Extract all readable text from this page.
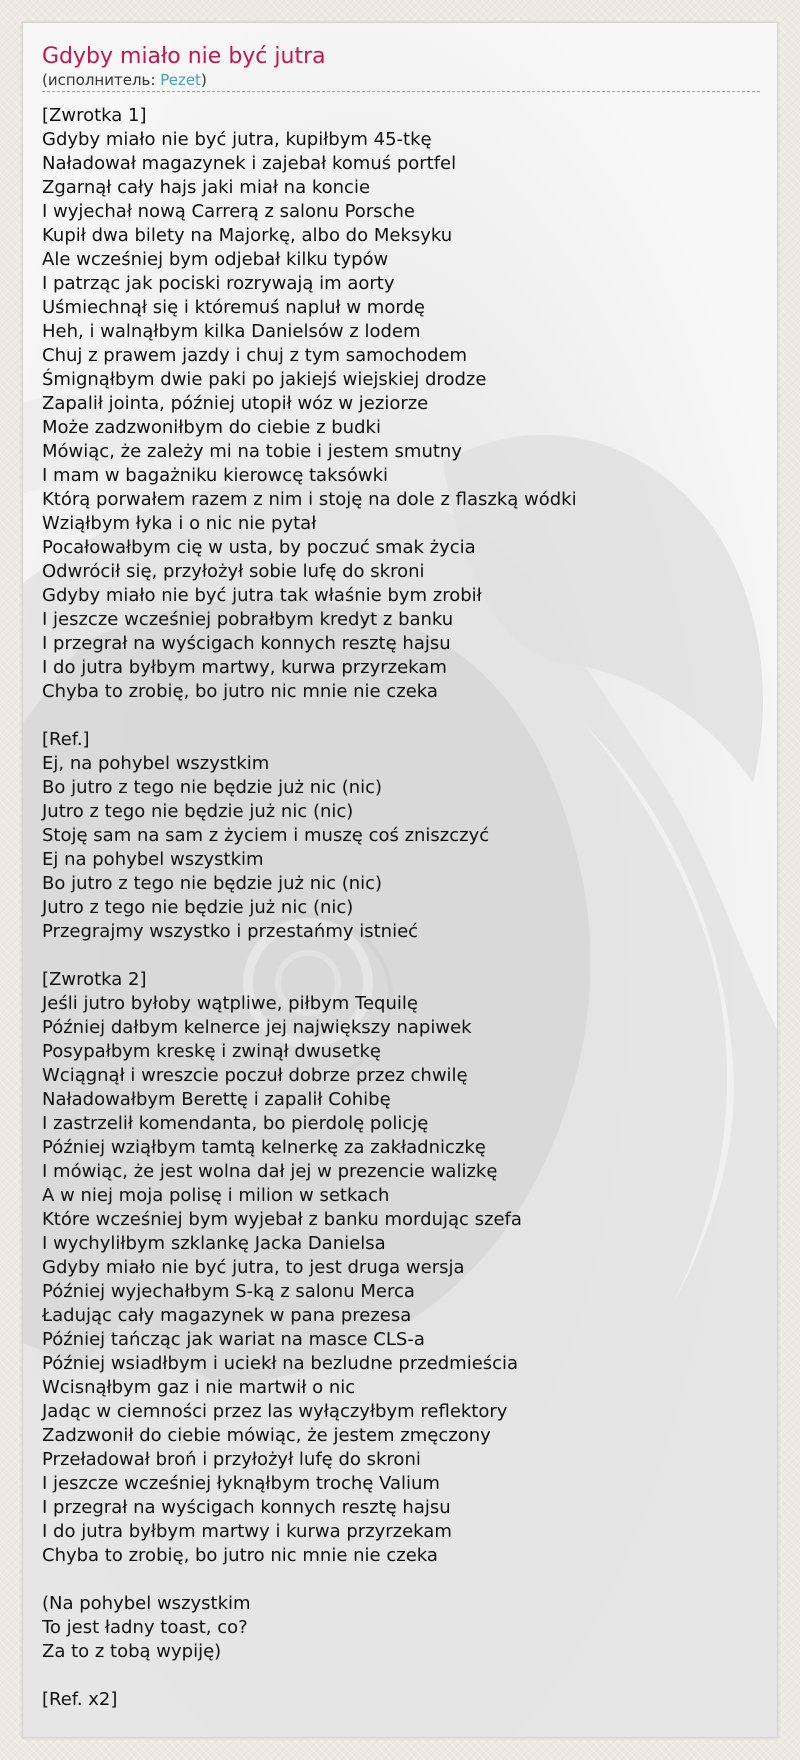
Gdyby miało nie być jutra
(исполнитель: Pezet)
[Zwrotka 1]
Gdyby miało nie być jutra, kupiłbym 45-tkę
Naładował magazynek i zajebał komuś portfel
Zgarnął cały hajs jaki miał na koncie
I wyjechał nową Carrerą z salonu Porsche
Kupił dwa bilety na Majorkę, albo do Meksyku
Ale wcześniej bym odjebał kilku typów
I patrząc jak pociski rozrywają im aorty
Uśmiechnął się i któremuś napluł w mordę
Heh, i walnąłbym kilka Danielsów z lodem
Chuj z prawem jazdy i chuj z tym samochodem
Śmignąłbym dwie paki po jakiejś wiejskiej drodze
Zapalił jointa, później utopił wóz w jeziorze
Może zadzwoniłbym do ciebie z budki
Mówiąc, że zależy mi na tobie i jestem smutny
I mam w bagażniku kierowcę taksówki
Którą porwałem razem z nim i stoję na dole z flaszką wódki
Wziąłbym łyka i o nic nie pytał
Pocałowałbym cię w usta, by poczuć smak życia
Odwrócił się, przyłożył sobie lufę do skroni
Gdyby miało nie być jutra tak właśnie bym zrobił
I jeszcze wcześniej pobrałbym kredyt z banku
I przegrał na wyścigach konnych resztę hajsu
I do jutra byłbym martwy, kurwa przyrzekam
Chyba to zrobię, bo jutro nic mnie nie czeka

[Ref.]
Ej, na pohybel wszystkim
Bo jutro z tego nie będzie już nic (nic)
Jutro z tego nie będzie już nic (nic)
Stoję sam na sam z życiem i muszę coś zniszczyć
Ej na pohybel wszystkim
Bo jutro z tego nie będzie już nic (nic)
Jutro z tego nie będzie już nic (nic)
Przegrajmy wszystko i przestańmy istnieć

[Zwrotka 2]
Jeśli jutro byłoby wątpliwe, piłbym Tequilę
Później dałbym kelnerce jej największy napiwek
Posypałbym kreskę i zwinął dwusetkę
Wciągnął i wreszcie poczuł dobrze przez chwilę
Naładowałbym Berettę i zapalił Cohibę
I zastrzelił komendanta, bo pierdolę policję
Później wziąłbym tamtą kelnerkę za zakładniczkę
I mówiąc, że jest wolna dał jej w prezencie walizkę
A w niej moja polisę i milion w setkach
Które wcześniej bym wyjebał z banku mordując szefa
I wychyliłbym szklankę Jacka Danielsa
Gdyby miało nie być jutra, to jest druga wersja
Później wyjechałbym S-ką z salonu Merca
Ładując cały magazynek w pana prezesa
Później tańcząc jak wariat na masce CLS-a
Później wsiadłbym i uciekł na bezludne przedmieścia
Wcisnąłbym gaz i nie martwił o nic
Jadąc w ciemności przez las wyłączyłbym reflektory
Zadzwonił do ciebie mówiąc, że jestem zmęczony
Przeładował broń i przyłożył lufę do skroni
I jeszcze wcześniej łyknąłbym trochę Valium
I przegrał na wyścigach konnych resztę hajsu
I do jutra byłbym martwy i kurwa przyrzekam
Chyba to zrobię, bo jutro nic mnie nie czeka

(Na pohybel wszystkim
To jest ładny toast, co?
Za to z tobą wypiję)

[Ref. x2]
